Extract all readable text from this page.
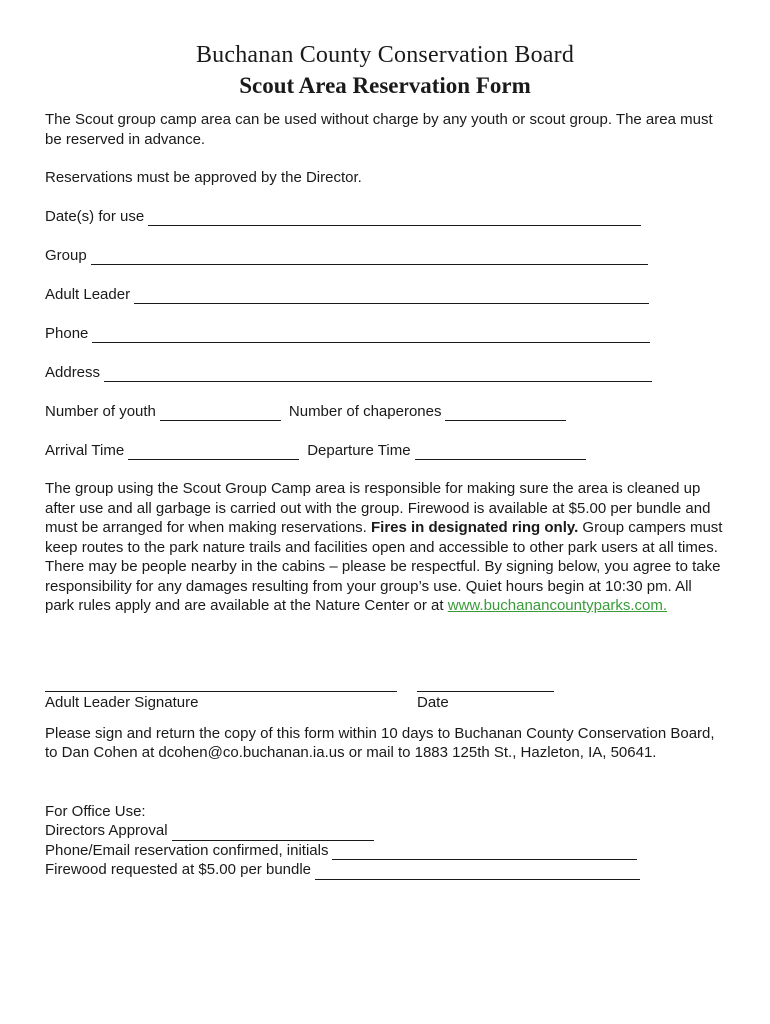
Buchanan County Conservation Board
Scout Area Reservation Form

The Scout group camp area can be used without charge by any youth or scout group. The area must be reserved in advance.

Reservations must be approved by the Director.

Date(s) for use
Group
Adult Leader
Phone
Address
Number of youth	Number of chaperones
Arrival Time	Departure Time

The group using the Scout Group Camp area is responsible for making sure the area is cleaned up after use and all garbage is carried out with the group. Firewood is available at $5.00 per bundle and must be arranged for when making reservations. Fires in designated ring only. Group campers must keep routes to the park nature trails and facilities open and accessible to other park users at all times. There may be people nearby in the cabins – please be respectful. By signing below, you agree to take responsibility for any damages resulting from your group’s use. Quiet hours begin at 10:30 pm. All park rules apply and are available at the Nature Center or at www.buchanancountyparks.com.

Adult Leader Signature	Date

Please sign and return the copy of this form within 10 days to Buchanan County Conservation Board, to Dan Cohen at dcohen@co.buchanan.ia.us or mail to 1883 125th St., Hazleton, IA, 50641.

For Office Use:
Directors Approval
Phone/Email reservation confirmed, initials
Firewood requested at $5.00 per bundle
